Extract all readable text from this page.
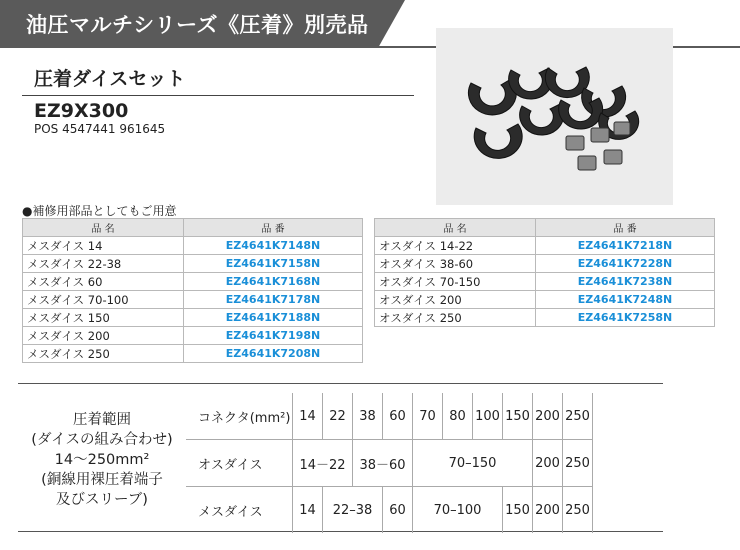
油圧マルチシリーズ《圧着》別売品
圧着ダイスセット
EZ9X300
POS 4547441 961645
●補修用部品としてもご用意
品 名	品 番
メスダイス 14	EZ4641K7148N
メスダイス 22-38	EZ4641K7158N
メスダイス 60	EZ4641K7168N
メスダイス 70-100	EZ4641K7178N
メスダイス 150	EZ4641K7188N
メスダイス 200	EZ4641K7198N
メスダイス 250	EZ4641K7208N
品 名	品 番
オスダイス 14-22	EZ4641K7218N
オスダイス 38-60	EZ4641K7228N
オスダイス 70-150	EZ4641K7238N
オスダイス 200	EZ4641K7248N
オスダイス 250	EZ4641K7258N
圧着範囲
(ダイスの組み合わせ)
14～250mm²
(銅線用裸圧着端子
及びスリーブ)
コネクタ(mm²)	14	22	38	60	70	80	100	150	200	250
オスダイス	14－22		38－60		70–150				200	250
メスダイス	14	22–38		60	70–100			150	200	250
